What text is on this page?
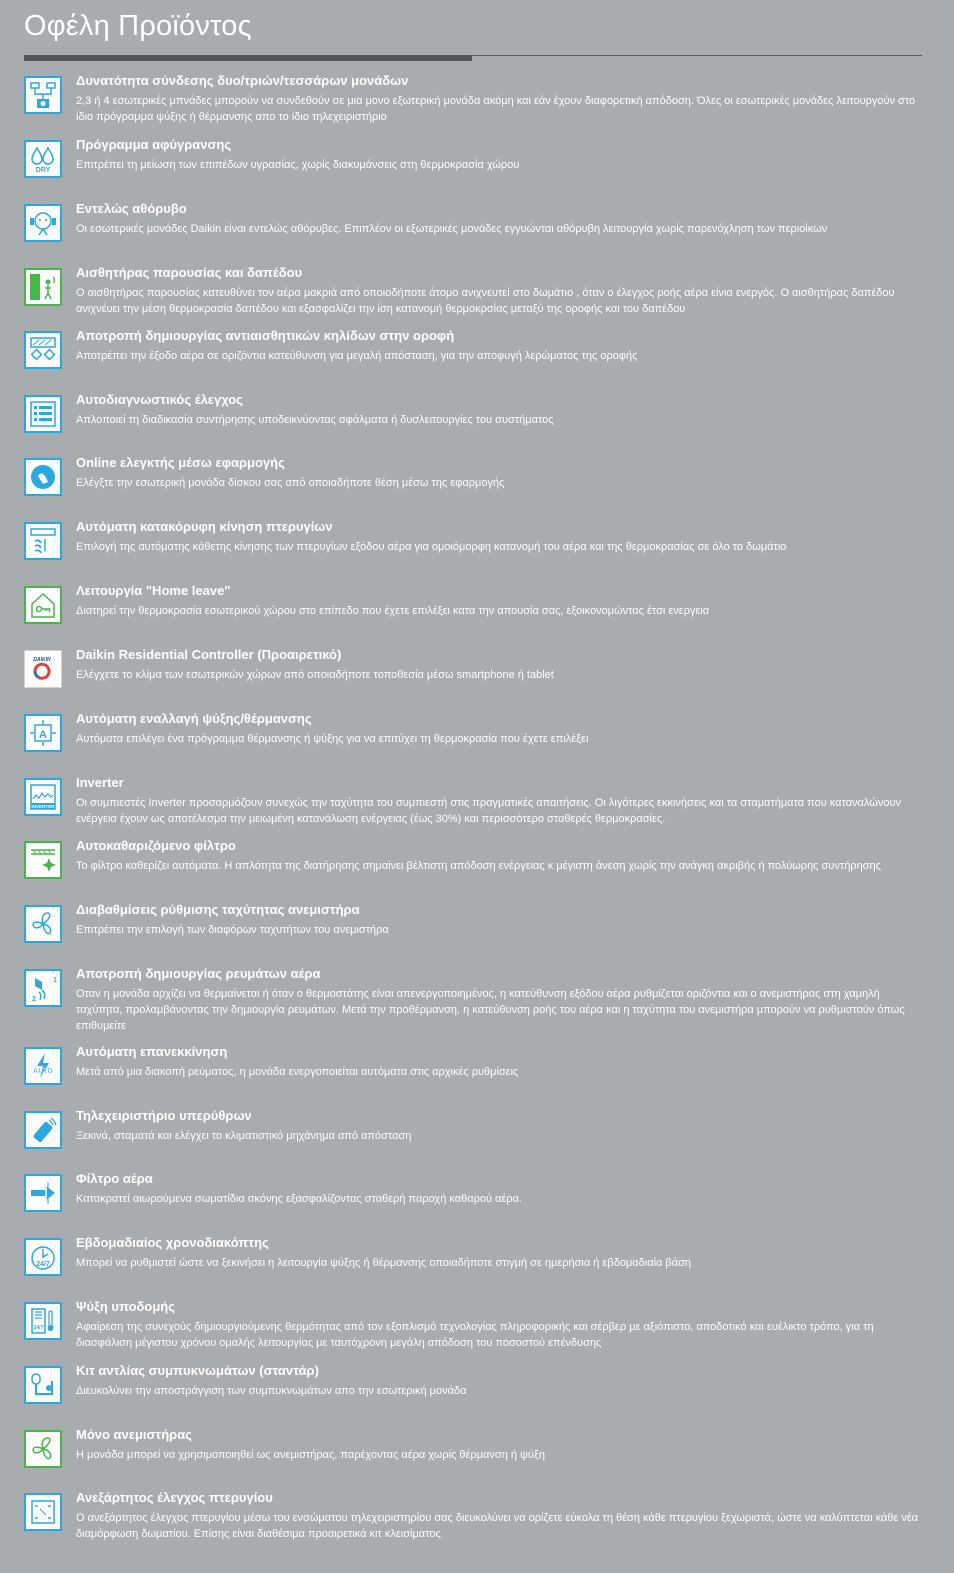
Οφέλη Προϊόντος
Δυνατότητα σύνδεσης δυο/τριών/τεσσάρων μονάδων
2,3 ή 4 εσωτερικές μπνάδες μπορούν να συνδεθούν σε μια μονο εξωτερική μονάδα ακόμη και εάν έχουν διαφορετική απόδοση. Όλες οι εσωτερικές μονάδες λειτουργούν στο ίδιο πρόγραμμα ψύξης ή θέρμανσης απο το ίδιο τηλεχειριστήριο
DRY
Πρόγραμμα αφύγρανσης
Επιτρέπει τη μείωση των επιπέδων υγρασίας, χωρίς διακυμάνσεις στη θερμοκρασία χώρου
Εντελώς αθόρυβο
Οι εσωτερικές μονάδες Daikin είναι εντελώς αθόρυβες. Επιπλέον οι εξωτερικές μονάδες εγγυώνται αθόρυβη λειτουργία χωρίς παρενόχληση των περιοίκων
Αισθητήρας παρουσίας και δαπέδου
Ο αισθητήρας παρουσίας κατευθύνει τον αέρα μακριά από οποιοδήποτε άτομο ανιχνευτεί στο δωμάτιο , όταν ο έλεγχος ροής αέρα είνια ενεργός. Ο αισθητήρας δαπέδου ανιχνέυει την μέση θερμοκρασία δαπέδου και εξασφαλίζει την ίση κατανομή θερμοκρσίας μεταξύ της οροφής και του δαπέδου
Αποτροπή δημιουργίας αντιαισθητικών κηλίδων στην οροφή
Αποτρέπει την έξοδο αέρα σε οριζόντια κατεύθυνση για μεγαλή απόσταση, για την αποφυγή λερώματος της οροφής
Αυτοδιαγνωστικός έλεγχος
Απλοποιεί τη διαδικασία συντήρησης υποδεικνύοντας σφάλματα ή δυσλειτουργίες του συστήματος
Online ελεγκτής μέσω εφαρμογής
Ελέγξτε την εσωτερική μονάδα δίσκου σας από οποιαδήποτε θέση μέσω της εφαρμογής
Αυτόματη κατακόρυφη κίνηση πτερυγίων
Επιλογή της αυτόματης κάθετης κίνησης των πτερυγίων εξόδου αέρα για ομοιόμορφη κατανομή του αέρα και της θερμοκρασίας σε όλο το δωμάτιο
Λειτουργία "Home leave"
Διατηρεί την θερμοκρασία εσωτερικού χώρου στο επίπεδο που έχετε επιλέξει κατα την απουσία σας, εξοικονομώντας έτσι ενεργεια
DAIKIN Daikin Residential Controller (Προαιρετικό)
Ελέγχετε το κλίμα των εσωτερικών χώρων από οποιαδήποτε τοποθεσία μέσω smartphone ή tablet
A
Αυτόματη εναλλαγή ψύξης/θέρμανσης
Αυτόματα επιλέγει ένα πρόγραμμα θέρμανσης ή ψύξης για να επιτύχει τη θερμοκρασία που έχετε επιλέξει
INVERTER
Inverter
Οι συμπιεστές Inverter προσαρμόζουν συνεχώς την ταχύτητα του συμπιεστή στις πραγματικές απαιτήσεις. Οι λιγότερες εκκινήσεις και τα σταματήματα που καταναλώνουν ενέργεια έχουν ως αποτέλεσμα την μειωμένη κατανάλωση ενέργειας (έως 30%) και περισσότερο σταθερές θερμοκρασίες.
Αυτοκαθαριζόμενο φίλτρο
Το φίλτρο καθερίζει αυτόματα. Η απλότητα της διατήρησης σημαίνει βέλτιστη απόδοση ενέργειας κ μέγιστη άνεση χωρίς την ανάγκη ακριβής ή πολύωρης συντήρησης
Διαβαθμίσεις ρύθμισης ταχύτητας ανεμιστήρα
Επιτρέπει την επιλογή των διαφόρων ταχυτήτων του ανεμιστήρα
1
2
Αποτροπή δημιουργίας ρευμάτων αέρα
Οταν η μονάδα αρχίζει να θερμαίνεται ή όταν ο θερμοστάτης είναι απενεργοποιημένος, η κατεύθυνση εξόδου αέρα ρυθμίζεται οριζόντια και ο ανεμιστήρας στη χαμηλή ταχύτητα, προλαμβάνοντας την δημιουργία ρευμάτων. Μετά την προθέρμανση, η κατεύθυνση ροής του αέρα και η ταχύτητα του ανεμιστήρα μπορούν να ρυθμιστούν όπως επιθυμείτε
AUTO
Αυτόματη επανεκκίνηση
Μετά από μια διακοπή ρεύματος, η μονάδα ενεργοποιείται αυτόματα στις αρχικές ρυθμίσεις
Τηλεχειριστήριο υπερύθρων
Ξεκινά, σταματά και ελέγχει το κλιματιστικό μηχάνημα από απόσταση
Φίλτρο αέρα
Κατακρατεί αιωρούμενα σωματίδια σκόνης εξασφαλίζοντας σταθερή παροχή καθαρού αέρα.
24/7
Εβδομαδιαίος χρονοδιακόπτης
Μπορεί να ρυθμιστεί ώστε να ξεκινήσει η λειτουργία ψύξης ή θέρμανσης οποιαδήποτε στιγμή σε ημερήσια ή εβδομαδιαία βάση
24/7
Ψύξη υποδομής
Αφαίρεση της συνεχούς δημιουργιούμενης θερμότητας από τον εξοπλισμό τεχνολογίας πληροφορικής και σέρβερ με αξιόπιστο, αποδοτικό και ευέλικτο τρόπο, για τη διασφάλιση μέγιστου χρόνου ομαλής λειτουργίας με ταυτόχρονη μεγάλη απόδοση του ποσοστού επένδυσης
Κιτ αντλίας συμπυκνωμάτων (σταντάρ)
Διευκολύνει την αποστράγγιση των συμπυκνωμάτων απο την εσωτερική μονάδα
Μόνο ανεμιστήρας
Η μονάδα μπορεί να χρησιμοποιηθεί ως ανεμιστήρας, παρέχοντας αέρα χωρίς θέρμανση ή ψύξη
Ανεξάρτητος έλεγχος πτερυγίου
Ο ανεξάρτητος έλεγχος πτερυγίου μέσω του ενσώματου τηλεχειριστηρίου σας διευκολύνει να ορίζετε εύκολα τη θέση κάθε πτερυγίου ξεχωριστά, ώστε να καλύπτεται κάθε νέα διαμόρφωση δωματίου. Επίσης είναι διαθέσιμα προαιρετικά κιτ κλεισίματος
